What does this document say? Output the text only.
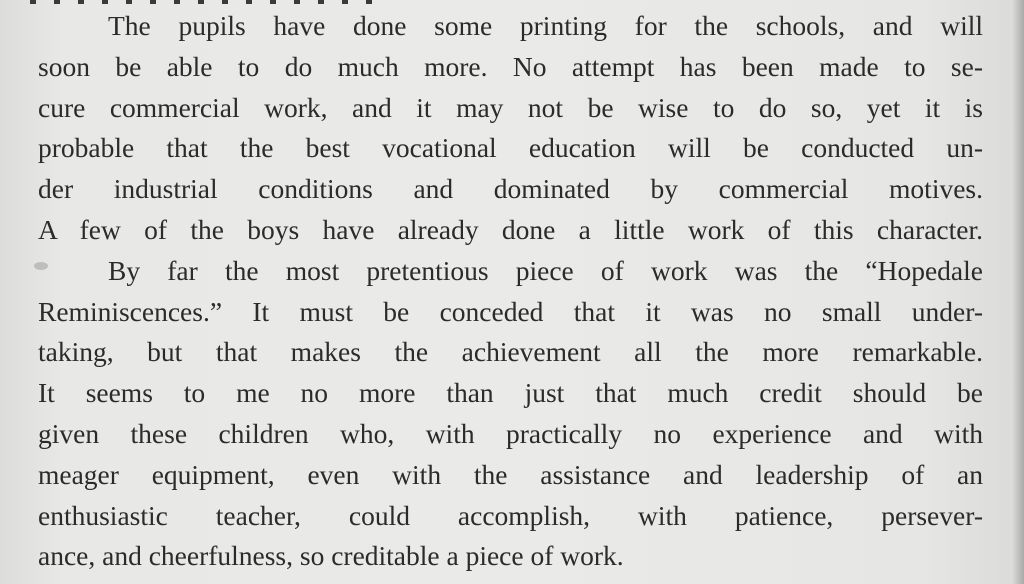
The pupils have done some printing for the schools, and will
soon be able to do much more. No attempt has been made to se-
cure commercial work, and it may not be wise to do so, yet it is
probable that the best vocational education will be conducted un-
der industrial conditions and dominated by commercial motives.
A few of the boys have already done a little work of this character.
By far the most pretentious piece of work was the “Hopedale
Reminiscences.” It must be conceded that it was no small under-
taking, but that makes the achievement all the more remarkable.
It seems to me no more than just that much credit should be
given these children who, with practically no experience and with
meager equipment, even with the assistance and leadership of an
enthusiastic teacher, could accomplish, with patience, persever-
ance, and cheerfulness, so creditable a piece of work.
